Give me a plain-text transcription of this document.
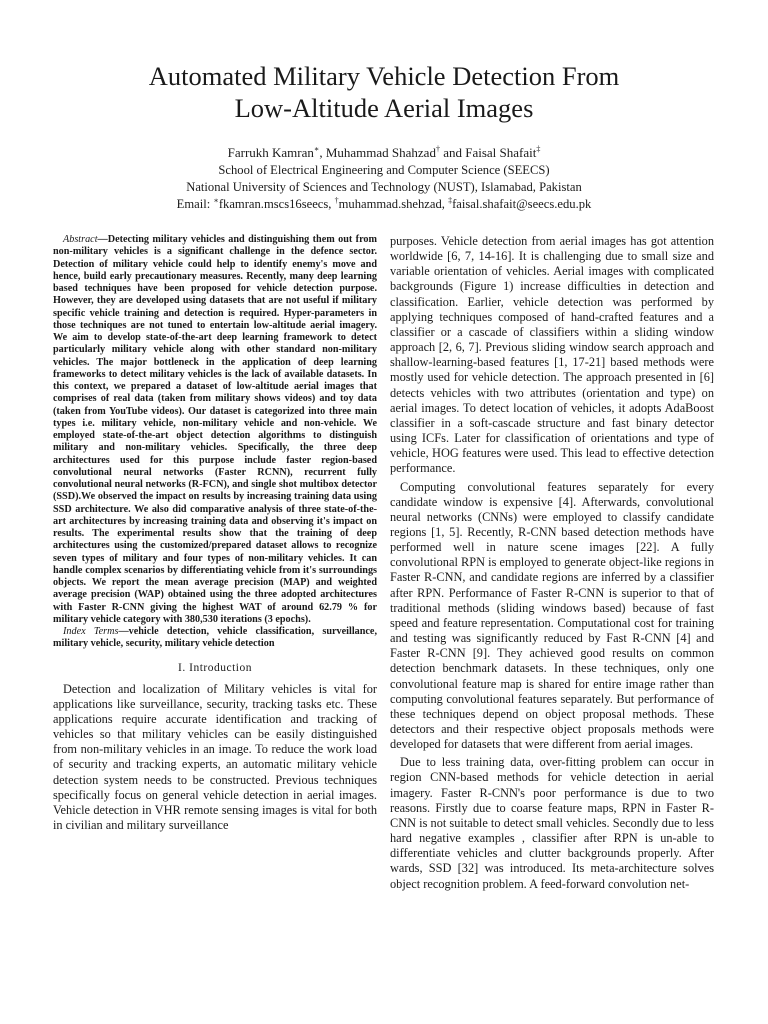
Automated Military Vehicle Detection From
Low-Altitude Aerial Images
Farrukh Kamran∗, Muhammad Shahzad† and Faisal Shafait‡
School of Electrical Engineering and Computer Science (SEECS)
National University of Sciences and Technology (NUST), Islamabad, Pakistan
Email: ∗fkamran.mscs16seecs, †muhammad.shehzad, ‡faisal.shafait@seecs.edu.pk

Abstract—Detecting military vehicles and distinguishing them out from non-military vehicles is a significant challenge in the defence sector. Detection of military vehicle could help to identify enemy's move and hence, build early precautionary measures. Recently, many deep learning based techniques have been proposed for vehicle detection purpose. However, they are developed using datasets that are not useful if military specific vehicle training and detection is required. Hyper-parameters in those techniques are not tuned to entertain low-altitude aerial imagery. We aim to develop state-of-the-art deep learning framework to detect particularly military vehicle along with other standard non-military vehicles. The major bottleneck in the application of deep learning frameworks to detect military vehicles is the lack of available datasets. In this context, we prepared a dataset of low-altitude aerial images that comprises of real data (taken from military shows videos) and toy data (taken from YouTube videos). Our dataset is categorized into three main types i.e. military vehicle, non-military vehicle and non-vehicle. We employed state-of-the-art object detection algorithms to distinguish military and non-military vehicles. Specifically, the three deep architectures used for this purpose include faster region-based convolutional neural networks (Faster RCNN), recurrent fully convolutional neural networks (R-FCN), and single shot multibox detector (SSD).We observed the impact on results by increasing training data using SSD architecture. We also did comparative analysis of three state-of-the-art architectures by increasing training data and observing it's impact on results. The experimental results show that the training of deep architectures using the customized/prepared dataset allows to recognize seven types of military and four types of non-military vehicles. It can handle complex scenarios by differentiating vehicle from it's surroundings objects. We report the mean average precision (MAP) and weighted average precision (WAP) obtained using the three adopted architectures with Faster R-CNN giving the highest WAT of around 62.79 % for military vehicle category with 380,530 iterations (3 epochs).

Index Terms—vehicle detection, vehicle classification, surveillance, military vehicle, security, military vehicle detection

I. Introduction

Detection and localization of Military vehicles is vital for applications like surveillance, security, tracking tasks etc. These applications require accurate identification and tracking of vehicles so that military vehicles can be easily distinguished from non-military vehicles in an image. To reduce the work load of security and tracking experts, an automatic military vehicle detection system needs to be constructed. Previous techniques specifically focus on general vehicle detection in aerial images. Vehicle detection in VHR remote sensing images is vital for both in civilian and military surveillance

purposes. Vehicle detection from aerial images has got attention worldwide [6, 7, 14-16]. It is challenging due to small size and variable orientation of vehicles. Aerial images with complicated backgrounds (Figure 1) increase difficulties in detection and classification. Earlier, vehicle detection was performed by applying techniques composed of hand-crafted features and a classifier or a cascade of classifiers within a sliding window approach [2, 6, 7]. Previous sliding window search approach and shallow-learning-based features [1, 17-21] based methods were mostly used for vehicle detection. The approach presented in [6] detects vehicles with two attributes (orientation and type) on aerial images. To detect location of vehicles, it adopts AdaBoost classifier in a soft-cascade structure and fast binary detector using ICFs. Later for classification of orientations and type of vehicle, HOG features were used. This lead to effective detection performance.

Computing convolutional features separately for every candidate window is expensive [4]. Afterwards, convolutional neural networks (CNNs) were employed to classify candidate regions [1, 5]. Recently, R-CNN based detection methods have performed well in nature scene images [22]. A fully convolutional RPN is employed to generate object-like regions in Faster R-CNN, and candidate regions are inferred by a classifier after RPN. Performance of Faster R-CNN is superior to that of traditional methods (sliding windows based) because of fast speed and feature representation. Computational cost for training and testing was significantly reduced by Fast R-CNN [4] and Faster R-CNN [9]. They achieved good results on common detection benchmark datasets. In these techniques, only one convolutional feature map is shared for entire image rather than computing convolutional features separately. But performance of these techniques depend on object proposal methods. These detectors and their respective object proposals methods were developed for datasets that were different from aerial images.

Due to less training data, over-fitting problem can occur in region CNN-based methods for vehicle detection in aerial imagery. Faster R-CNN's poor performance is due to two reasons. Firstly due to coarse feature maps, RPN in Faster R-CNN is not suitable to detect small vehicles. Secondly due to less hard negative examples , classifier after RPN is un-able to differentiate vehicles and clutter backgrounds properly. After wards, SSD [32] was introduced. Its meta-architecture solves object recognition problem. A feed-forward convolution net-
